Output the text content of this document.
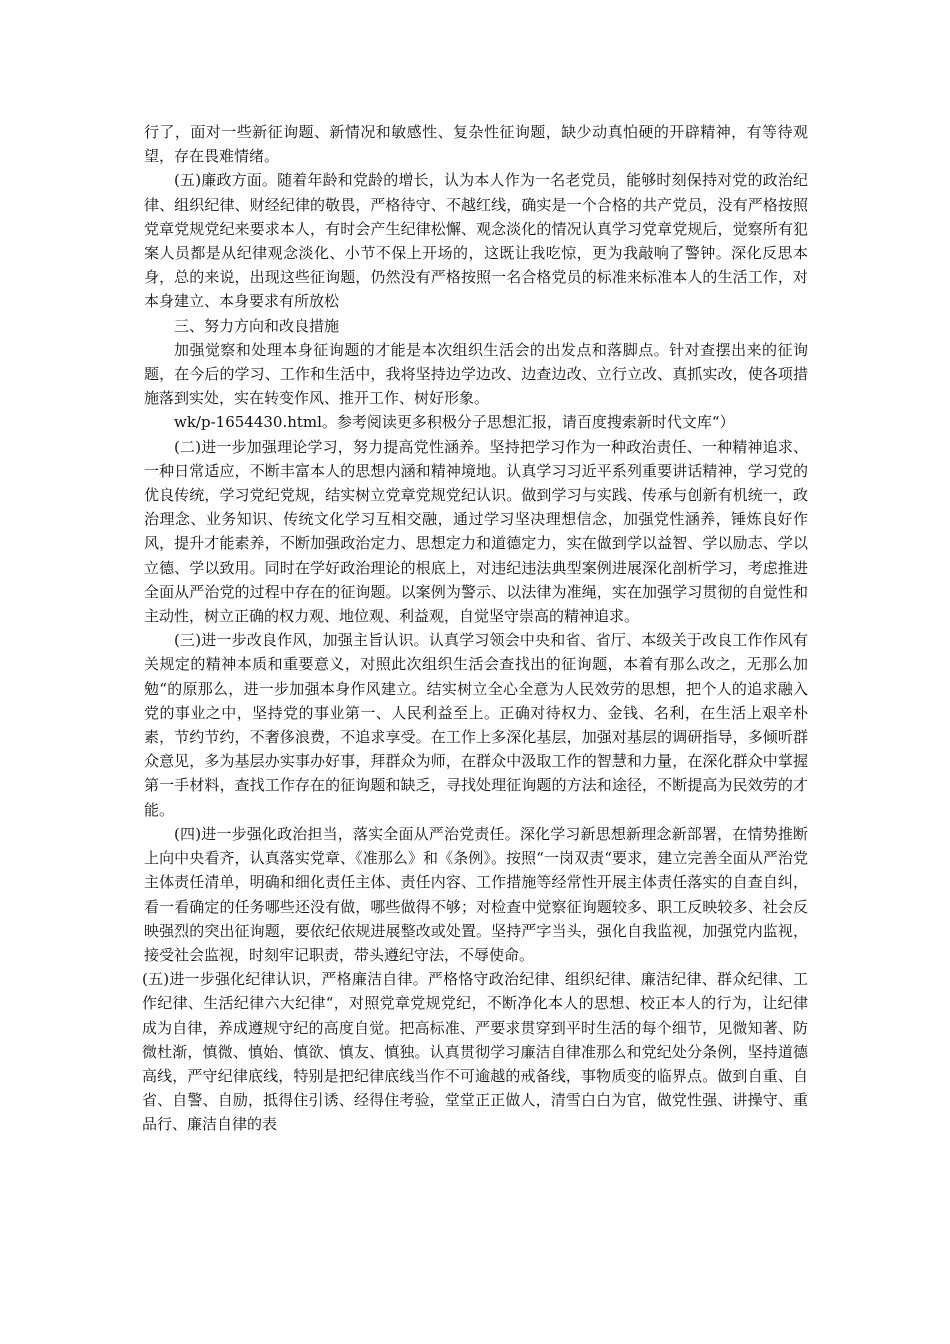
行了，面对一些新征询题、新情况和敏感性、复杂性征询题，缺少动真怕硬的开辟精神，有等待观望，存在畏难情绪。

(五)廉政方面。随着年龄和党龄的增长，认为本人作为一名老党员，能够时刻保持对党的政治纪律、组织纪律、财经纪律的敬畏，严格待守、不越红线，确实是一个合格的共产党员，没有严格按照党章党规党纪来要求本人，有时会产生纪律松懈、观念淡化的情况认真学习党章党规后，觉察所有犯案人员都是从纪律观念淡化、小节不保上开场的，这既让我吃惊，更为我敲响了警钟。深化反思本身，总的来说，出现这些征询题，仍然没有严格按照一名合格党员的标准来标准本人的生活工作，对本身建立、本身要求有所放松

三、努力方向和改良措施

加强觉察和处理本身征询题的才能是本次组织生活会的出发点和落脚点。针对查摆出来的征询题，在今后的学习、工作和生活中，我将坚持边学边改、边查边改、立行立改、真抓实改，使各项措施落到实处，实在转变作风、推开工作、树好形象。

wk/p-1654430.html。参考阅读更多积极分子思想汇报，请百度搜索新时代文库“）

(二)进一步加强理论学习，努力提高党性涵养。坚持把学习作为一种政治责任、一种精神追求、一种日常适应，不断丰富本人的思想内涵和精神境地。认真学习习近平系列重要讲话精神，学习党的优良传统，学习党纪党规，结实树立党章党规党纪认识。做到学习与实践、传承与创新有机统一，政治理念、业务知识、传统文化学习互相交融，通过学习坚决理想信念，加强党性涵养，锤炼良好作风，提升才能素养，不断加强政治定力、思想定力和道德定力，实在做到学以益智、学以励志、学以立德、学以致用。同时在学好政治理论的根底上，对违纪违法典型案例进展深化剖析学习，考虑推进全面从严治党的过程中存在的征询题。以案例为警示、以法律为准绳，实在加强学习贯彻的自觉性和主动性，树立正确的权力观、地位观、利益观，自觉坚守崇高的精神追求。

(三)进一步改良作风，加强主旨认识。认真学习领会中央和省、省厅、本级关于改良工作作风有关规定的精神本质和重要意义，对照此次组织生活会查找出的征询题，本着有那么改之，无那么加勉“的原那么，进一步加强本身作风建立。结实树立全心全意为人民效劳的思想，把个人的追求融入党的事业之中，坚持党的事业第一、人民利益至上。正确对待权力、金钱、名利，在生活上艰辛朴素，节约节约，不奢侈浪费，不追求享受。在工作上多深化基层，加强对基层的调研指导，多倾听群众意见，多为基层办实事办好事，拜群众为师，在群众中汲取工作的智慧和力量，在深化群众中掌握第一手材料，查找工作存在的征询题和缺乏，寻找处理征询题的方法和途径，不断提高为民效劳的才能。

(四)进一步强化政治担当，落实全面从严治党责任。深化学习新思想新理念新部署，在情势推断上向中央看齐，认真落实党章、《准那么》和《条例》。按照“一岗双责“要求，建立完善全面从严治党主体责任清单，明确和细化责任主体、责任内容、工作措施等经常性开展主体责任落实的自查自纠，看一看确定的任务哪些还没有做，哪些做得不够；对检查中觉察征询题较多、职工反映较多、社会反映强烈的突出征询题，要依纪依规进展整改或处置。坚持严字当头，强化自我监视，加强党内监视，接受社会监视，时刻牢记职责，带头遵纪守法，不辱使命。

(五)进一步强化纪律认识，严格廉洁自律。严格恪守政治纪律、组织纪律、廉洁纪律、群众纪律、工作纪律、生活纪律六大纪律“，对照党章党规党纪，不断净化本人的思想、校正本人的行为，让纪律成为自律，养成遵规守纪的高度自觉。把高标准、严要求贯穿到平时生活的每个细节，见微知著、防微杜渐，慎微、慎始、慎欲、慎友、慎独。认真贯彻学习廉洁自律准那么和党纪处分条例，坚持道德高线，严守纪律底线，特别是把纪律底线当作不可逾越的戒备线，事物质变的临界点。做到自重、自省、自警、自励，抵得住引诱、经得住考验，堂堂正正做人，清雪白白为官，做党性强、讲操守、重品行、廉洁自律的表
